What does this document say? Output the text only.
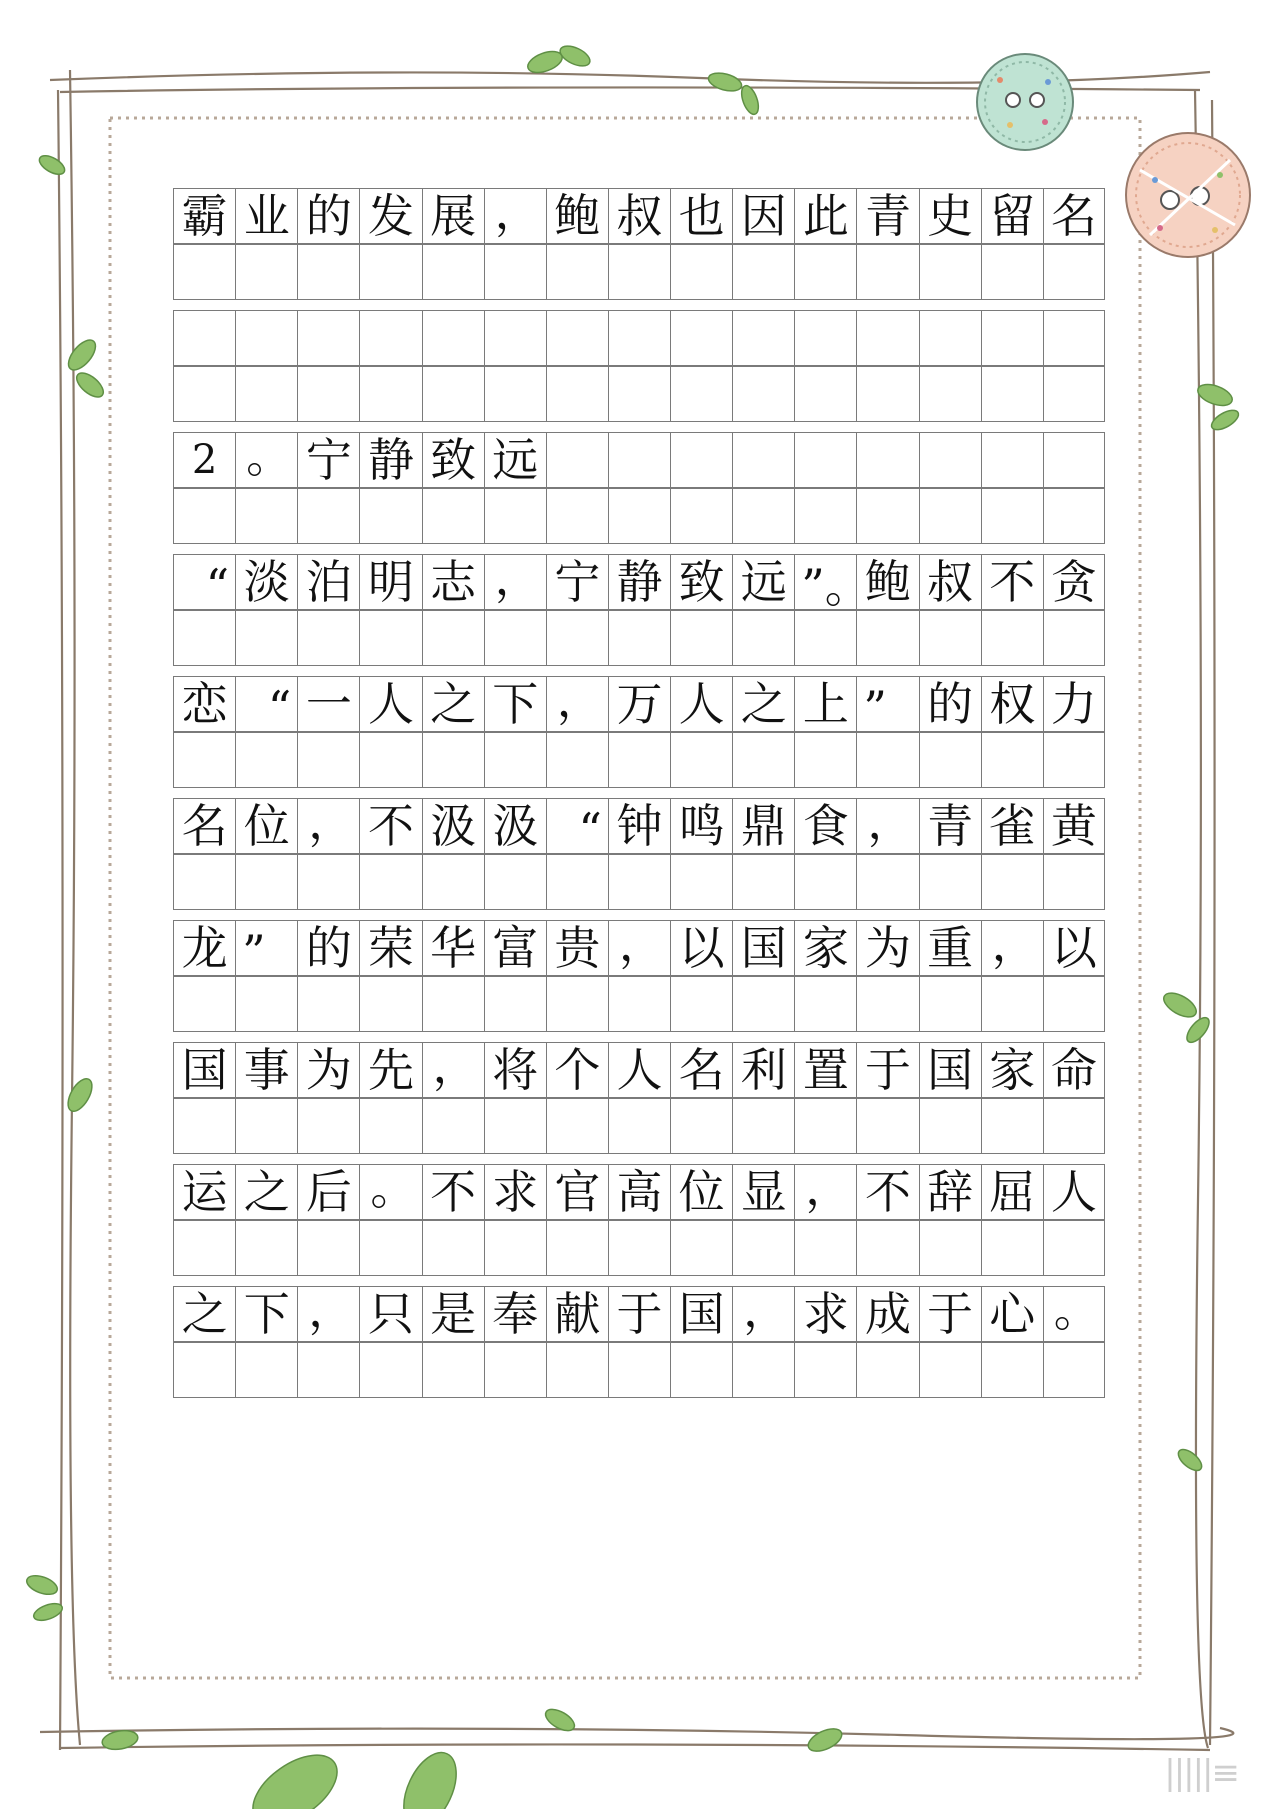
霸 业 的 发 展 ， 鲍 叔 也 因 此 青 史 留 名
2 。 宁 静 致 远
“ 淡 泊 明 志 ， 宁 静 致 远 ”。
鲍 叔 不 贪
恋 “ 一 人 之 下 ， 万 人 之 上 ” 的 权 力
名 位 ， 不 汲 汲 “ 钟 鸣 鼎 食 ， 青 雀 黄
龙 ” 的 荣 华 富 贵 ， 以 国 家 为 重 ， 以
国 事 为 先 ， 将 个 人 名 利 置 于 国 家 命
运 之 后 。 不 求 官 高 位 显 ， 不 辞 屈 人
之 下 ， 只 是 奉 献 于 国 ， 求 成 于 心 。
|||||≡
